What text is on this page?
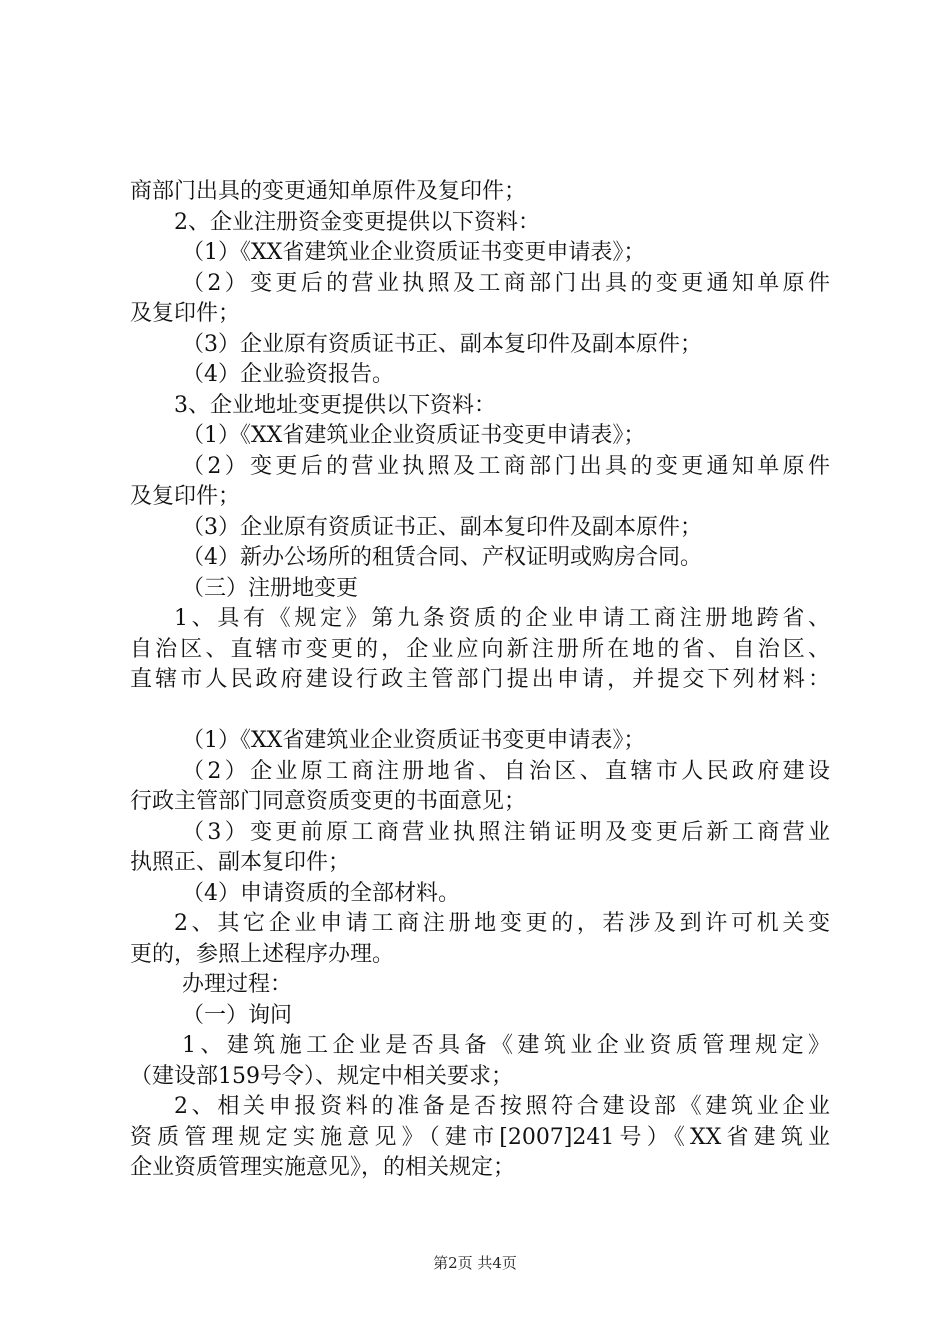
商部门出具的变更通知单原件及复印件；
2、企业注册资金变更提供以下资料：
（1）《XX省建筑业企业资质证书变更申请表》；
（2）变更后的营业执照及工商部门出具的变更通知单原件
及复印件；
（3）企业原有资质证书正、副本复印件及副本原件；
（4）企业验资报告。
3、企业地址变更提供以下资料：
（1）《XX省建筑业企业资质证书变更申请表》；
（2）变更后的营业执照及工商部门出具的变更通知单原件
及复印件；
（3）企业原有资质证书正、副本复印件及副本原件；
（4）新办公场所的租赁合同、产权证明或购房合同。
（三）注册地变更
1、具有《规定》第九条资质的企业申请工商注册地跨省、
自治区、直辖市变更的，企业应向新注册所在地的省、自治区、
直辖市人民政府建设行政主管部门提出申请，并提交下列材料：
（1）《XX省建筑业企业资质证书变更申请表》；
（2）企业原工商注册地省、自治区、直辖市人民政府建设
行政主管部门同意资质变更的书面意见；
（3）变更前原工商营业执照注销证明及变更后新工商营业
执照正、副本复印件；
（4）申请资质的全部材料。
2、其它企业申请工商注册地变更的，若涉及到许可机关变
更的，参照上述程序办理。
办理过程：
（一）询问
1、建筑施工企业是否具备《建筑业企业资质管理规定》
（建设部159号令）、规定中相关要求；
2、相关申报资料的准备是否按照符合建设部《建筑业企业
资质管理规定实施意见》（建市[2007]241号）《XX省建筑业
企业资质管理实施意见》，的相关规定；
第2页 共4页
